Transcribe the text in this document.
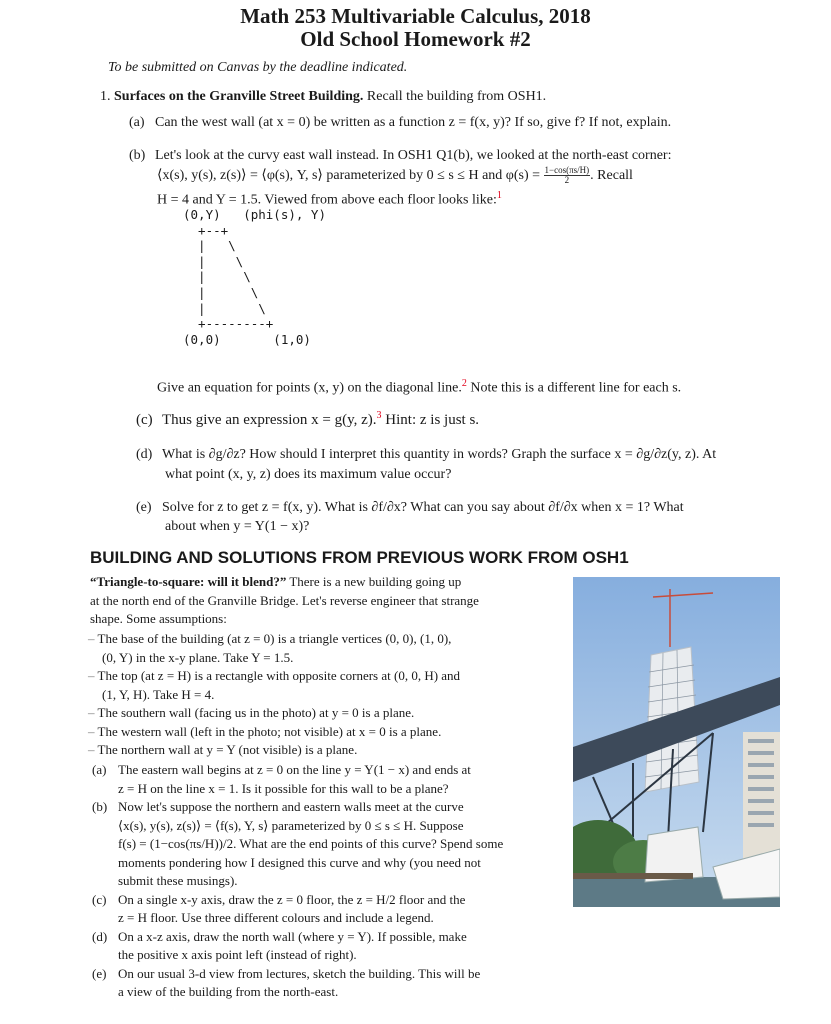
Math 253 Multivariable Calculus, 2018
Old School Homework #2
To be submitted on Canvas by the deadline indicated.
1. Surfaces on the Granville Street Building. Recall the building from OSH1.
(a) Can the west wall (at x = 0) be written as a function z = f(x, y)? If so, give f? If not, explain.
(b) Let's look at the curvy east wall instead. In OSH1 Q1(b), we looked at the north-east corner:
⟨x(s), y(s), z(s)⟩ = ⟨φ(s), Y, s⟩ parameterized by 0 ≤ s ≤ H and $\varphi(s) = \frac{1-\cos(\pi s/H)}{2}$ . Recall
H = 4 and Y = 1.5. Viewed from above each floor looks like:$^1$
(0,Y)   (phi(s), Y)
+--+
|   \
|    \
|     \
|      \
|       \
+--------+
(0,0)       (1,0)
Give an equation for points (x, y) on the diagonal line.$^2$ Note this is a different line for each s.
(c) Thus give an expression x = g(y, z).$^3$ Hint: z is just s.
(d) What is ∂g/∂z? How should I interpret this quantity in words? Graph the surface x = ∂g/∂z(y, z). At
what point (x, y, z) does its maximum value occur?
(e) Solve for z to get z = f(x, y). What is ∂f/∂x? What can you say about ∂f/∂x when x = 1? What
about when y = Y(1 − x)?
BUILDING AND SOLUTIONS FROM PREVIOUS WORK FROM OSH1
“Triangle-to-square: will it blend?” There is a new building going up
at the north end of the Granville Bridge. Let's reverse engineer that strange
shape. Some assumptions:
– The base of the building (at z = 0) is a triangle vertices (0, 0), (1, 0),
(0, Y) in the x-y plane. Take Y = 1.5.
– The top (at z = H) is a rectangle with opposite corners at (0, 0, H) and
(1, Y, H). Take H = 4.
– The southern wall (facing us in the photo) at y = 0 is a plane.
– The western wall (left in the photo; not visible) at x = 0 is a plane.
– The northern wall at y = Y (not visible) is a plane.
(a) The eastern wall begins at z = 0 on the line y = Y(1 − x) and ends at
z = H on the line x = 1. Is it possible for this wall to be a plane?
(b) Now let's suppose the northern and eastern walls meet at the curve
⟨x(s), y(s), z(s)⟩ = ⟨f(s), Y, s⟩ parameterized by 0 ≤ s ≤ H. Suppose
f(s) = (1−cos(πs/H))/2. What are the end points of this curve? Spend some
moments pondering how I designed this curve and why (you need not
submit these musings).
(c) On a single x-y axis, draw the z = 0 floor, the z = H/2 floor and the
z = H floor. Use three different colours and include a legend.
(d) On a x-z axis, draw the north wall (where y = Y). If possible, make
the positive x axis point left (instead of right).
(e) On our usual 3-d view from lectures, sketch the building. This will be
a view of the building from the north-east.
